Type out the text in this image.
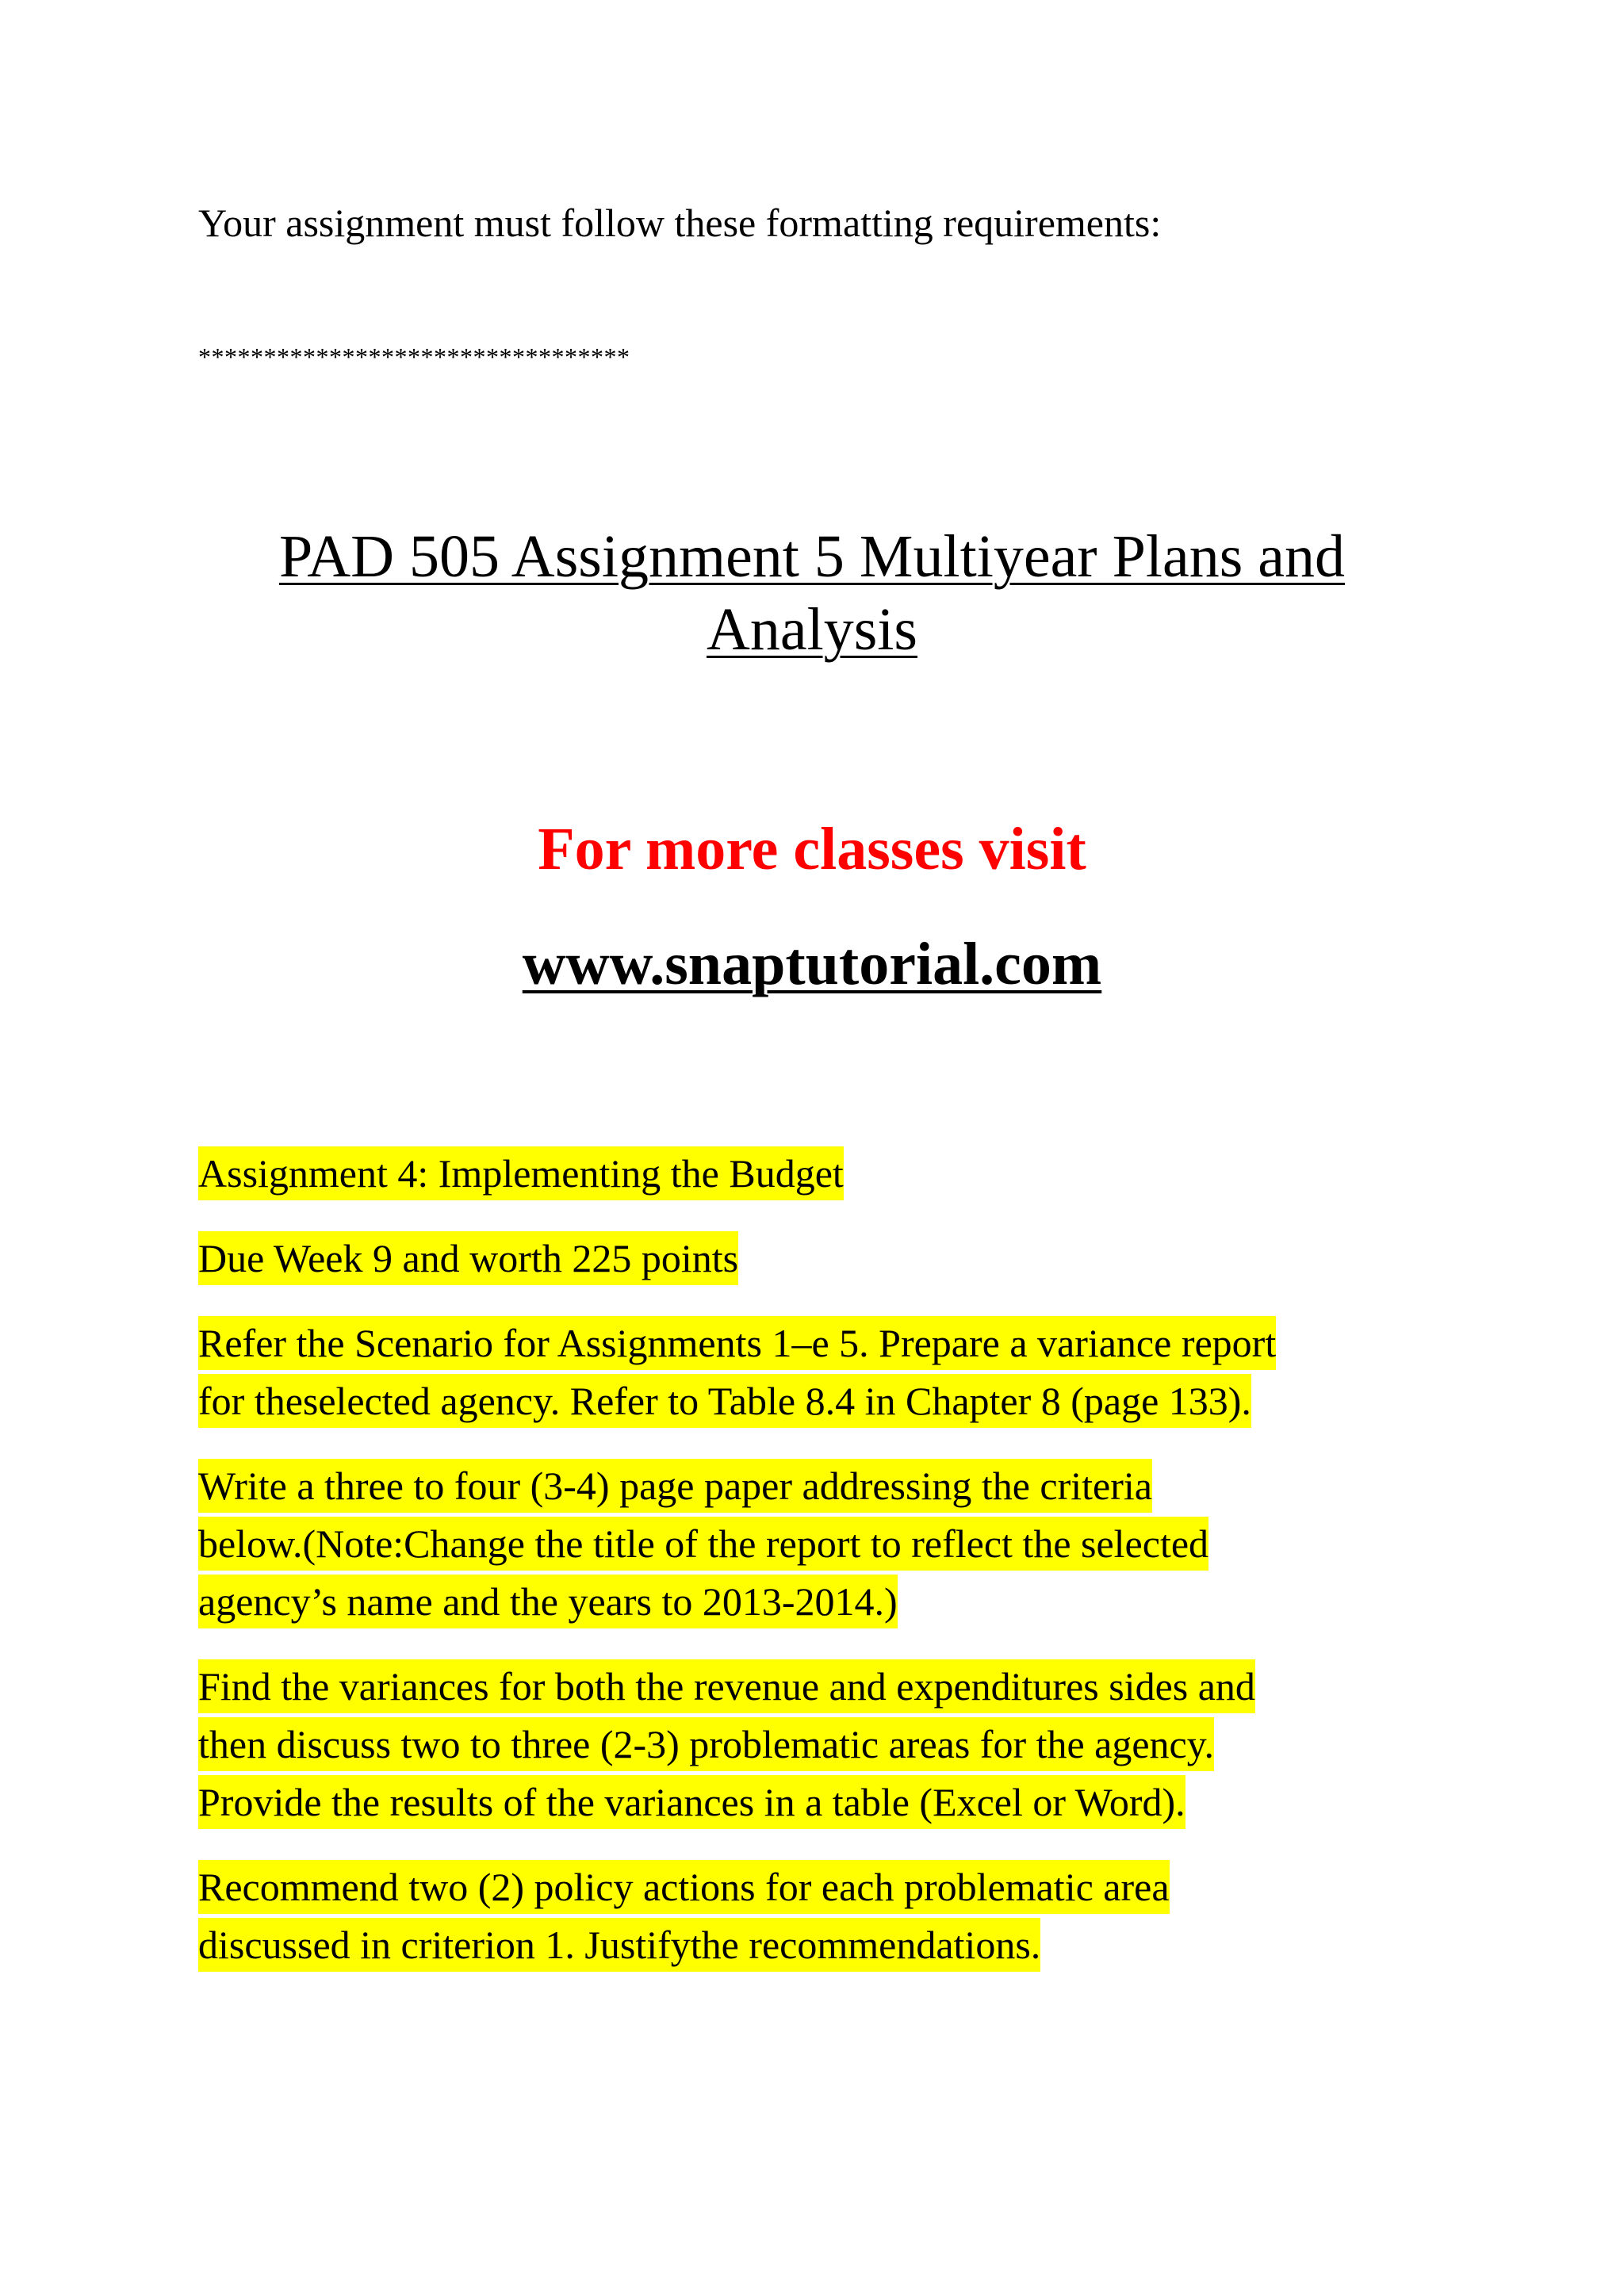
Your assignment must follow these formatting requirements:
*********************************
PAD 505 Assignment 5 Multiyear Plans and
Analysis
For more classes visit
www.snaptutorial.com
Assignment 4: Implementing the Budget
Due Week 9 and worth 225 points
Refer the Scenario for Assignments 1–e 5. Prepare a variance report
for theselected agency. Refer to Table 8.4 in Chapter 8 (page 133).
Write a three to four (3-4) page paper addressing the criteria
below.(Note:Change the title of the report to reflect the selected
agency’s name and the years to 2013-2014.)
Find the variances for both the revenue and expenditures sides and
then discuss two to three (2-3) problematic areas for the agency.
Provide the results of the variances in a table (Excel or Word).
Recommend two (2) policy actions for each problematic area
discussed in criterion 1. Justifythe recommendations.
